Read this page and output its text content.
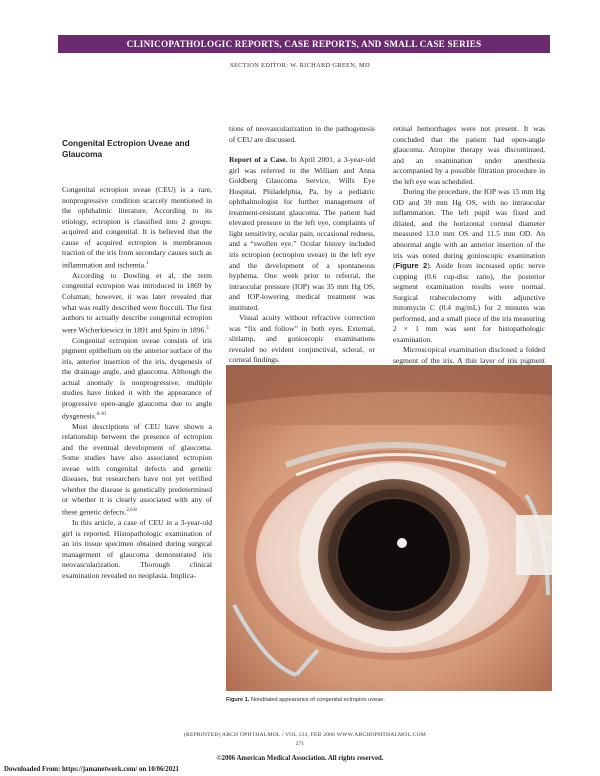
CLINICOPATHOLOGIC REPORTS, CASE REPORTS, AND SMALL CASE SERIES
SECTION EDITOR: W. RICHARD GREEN, MD
Congenital Ectropion Uveae and Glaucoma

Congenital ectropion uveae (CEU) is a rare, nonprogressive condition scarcely mentioned in the ophthalmic literature. According to its etiology, ectropion is classified into 2 groups: acquired and congenital. It is believed that the cause of acquired ectropion is membranous traction of the iris from secondary causes such as inflammation and ischemia.$^1$

According to Dowling et al, the term congenital ectropion was introduced in 1869 by Colsman; however, it was later revealed that what was really described were flocculi. The first authors to actually describe congenital ectropion were Wicherkiewicz in 1891 and Spiro in 1896.$^5$

Congenital ectropion uveae consists of iris pigment epithelium on the anterior surface of the iris, anterior insertion of the iris, dysgenesis of the drainage angle, and glaucoma. Although the actual anomaly is nonprogressive, multiple studies have linked it with the appearance of progressive open-angle glaucoma due to angle dysgenesis.$^{6-10}$

Most descriptions of CEU have shown a relationship between the presence of ectropion and the eventual development of glaucoma. Some studies have also associated ectropion uveae with congenital defects and genetic diseases, but researchers have not yet verified whether the disease is genetically predetermined or whether it is clearly associated with any of these genetic defects.$^{2,6-8}$

In this article, a case of CEU in a 3-year-old girl is reported. Histopathologic examination of an iris tissue specimen obtained during surgical management of glaucoma demonstrated iris neovascularization. Thorough clinical examination revealed no neoplasia. Implica-

tions of neovascularization in the pathogenesis of CEU are discussed.

Report of a Case. In April 2001, a 3-year-old girl was referred to the William and Anna Goldberg Glaucoma Service, Wills Eye Hospital, Philadelphia, Pa, by a pediatric ophthalmologist for further management of treatment-resistant glaucoma. The patient had elevated pressure in the left eye, complaints of light sensitivity, ocular pain, occasional redness, and a “swollen eye.” Ocular history included iris ectropion (ectropion uveae) in the left eye and the development of a spontaneous hyphema. One week prior to referral, the intraocular pressure (IOP) was 35 mm Hg OS, and IOP-lowering medical treatment was instituted.

Visual acuity without refractive correction was “fix and follow” in both eyes. External, slitlamp, and gonioscopic examinations revealed no evident conjunctival, scleral, or corneal findings.

retinal hemorrhages were not present. It was concluded that the patient had open-angle glaucoma. Atropine therapy was discontinued, and an examination under anesthesia accompanied by a possible filtration procedure in the left eye was scheduled.

During the procedure, the IOP was 15 mm Hg OD and 39 mm Hg OS, with no intraocular inflammation. The left pupil was fixed and dilated, and the horizontal corneal diameter measured 13.0 mm OS and 11.5 mm OD. An abnormal angle with an anterior insertion of the iris was noted during gonioscopic examination (Figure 2). Aside from increased optic nerve cupping (0.6 cup-disc ratio), the posterior segment examination results were normal. Surgical trabeculectomy with adjunctive mitomycin C (0.4 mg/mL) for 2 minutes was performed, and a small piece of the iris measuring 2 × 1 mm was sent for histopathologic examination.

Microscopical examination disclosed a folded segment of the iris. A thin layer of iris pigment

Figure 1. Nondilated appearance of congenital ectropion uveae.
(REPRINTED) ARCH OPHTHALMOL / VOL 124, FEB 2006 WWW.ARCHOPHTHALMOL.COM
271
©2006 American Medical Association. All rights reserved.
Downloaded From: https://jamanetwork.com/ on 10/06/2021
